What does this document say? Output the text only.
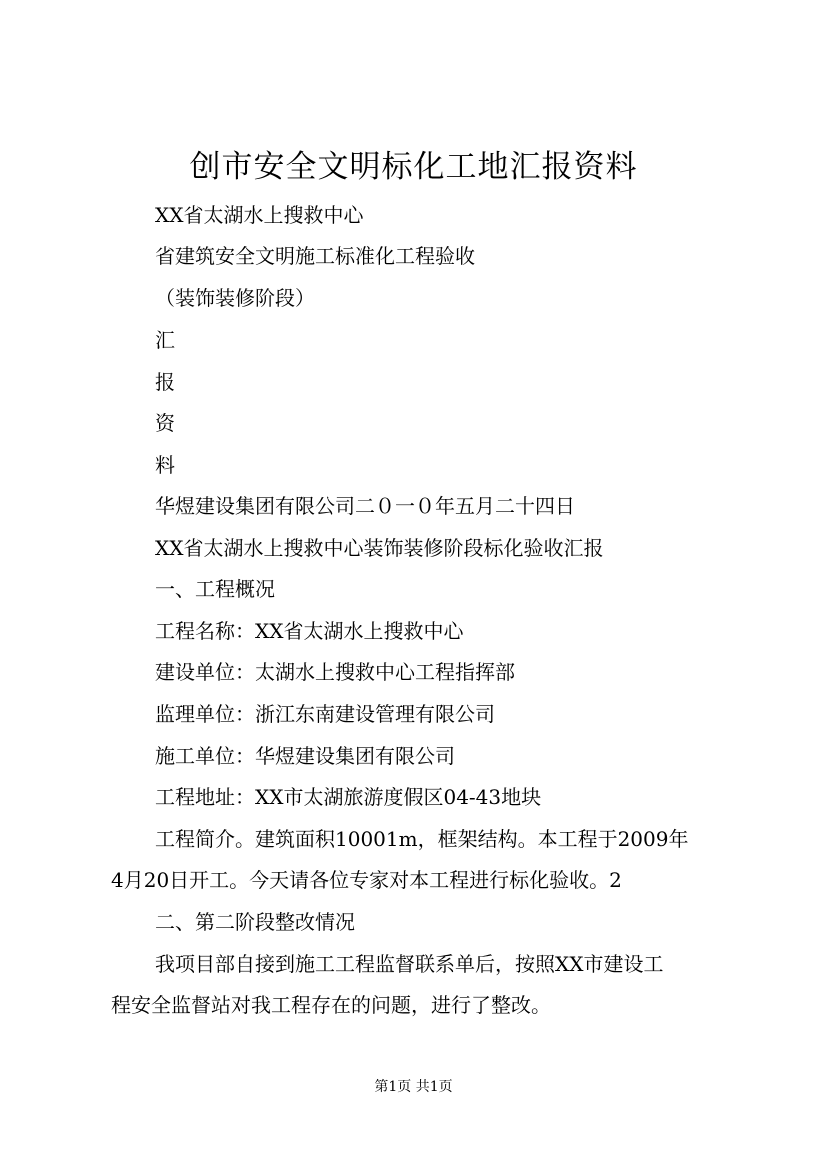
创市安全文明标化工地汇报资料

XX省太湖水上搜救中心

省建筑安全文明施工标准化工程验收

（装饰装修阶段）

汇

报

资

料

华煜建设集团有限公司二０一０年五月二十四日

XX省太湖水上搜救中心装饰装修阶段标化验收汇报

一、工程概况

工程名称：XX省太湖水上搜救中心

建设单位：太湖水上搜救中心工程指挥部

监理单位：浙江东南建设管理有限公司

施工单位：华煜建设集团有限公司

工程地址：XX市太湖旅游度假区04-43地块

工程简介。建筑面积10001m，框架结构。本工程于2009年

4月20日开工。今天请各位专家对本工程进行标化验收。2

二、第二阶段整改情况

我项目部自接到施工工程监督联系单后，按照XX市建设工

程安全监督站对我工程存在的问题，进行了整改。

第1页 共1页
